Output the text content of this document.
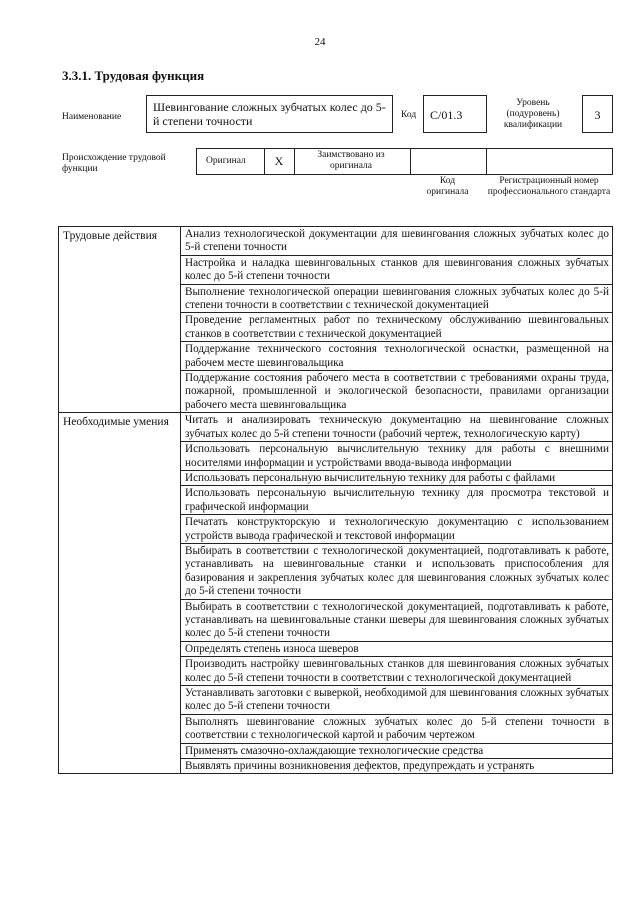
24
3.3.1. Трудовая функция
Наименование
Шевингование сложных зубчатых колес до 5-й степени точности	Код	С/01.3
Уровень (подуровень) квалификации
3
Происхождение трудовой функции
Оригинал	X	Заимствовано из оригинала
Код оригинала
Регистрационный номер профессионального стандарта
Трудовые действия	Анализ технологической документации для шевингования сложных зубчатых колес до 5-й степени точности
	Настройка и наладка шевинговальных станков для шевингования сложных зубчатых колес до 5-й степени точности
	Выполнение технологической операции шевингования сложных зубчатых колес до 5-й степени точности в соответствии с технической документацией
	Проведение регламентных работ по техническому обслуживанию шевинговальных станков в соответствии с технической документацией
	Поддержание технического состояния технологической оснастки, размещенной на рабочем месте шевинговальщика
	Поддержание состояния рабочего места в соответствии с требованиями охраны труда, пожарной, промышленной и экологической безопасности, правилами организации рабочего места шевинговальщика
Необходимые умения	Читать и анализировать техническую документацию на шевингование сложных зубчатых колес до 5-й степени точности (рабочий чертеж, технологическую карту)
	Использовать персональную вычислительную технику для работы с внешними носителями информации и устройствами ввода-вывода информации
	Использовать персональную вычислительную технику для работы с файлами
	Использовать персональную вычислительную технику для просмотра текстовой и графической информации
	Печатать конструкторскую и технологическую документацию с использованием устройств вывода графической и текстовой информации
	Выбирать в соответствии с технологической документацией, подготавливать к работе, устанавливать на шевинговальные станки и использовать приспособления для базирования и закрепления зубчатых колес для шевингования сложных зубчатых колес до 5-й степени точности
	Выбирать в соответствии с технологической документацией, подготавливать к работе, устанавливать на шевинговальные станки шеверы для шевингования сложных зубчатых колес до 5-й степени точности
	Определять степень износа шеверов
	Производить настройку шевинговальных станков для шевингования сложных зубчатых колес до 5-й степени точности в соответствии с технологической документацией
	Устанавливать заготовки с выверкой, необходимой для шевингования сложных зубчатых колес до 5-й степени точности
	Выполнять шевингование сложных зубчатых колес до 5-й степени точности в соответствии с технологической картой и рабочим чертежом
	Применять смазочно-охлаждающие технологические средства
	Выявлять причины возникновения дефектов, предупреждать и устранять
